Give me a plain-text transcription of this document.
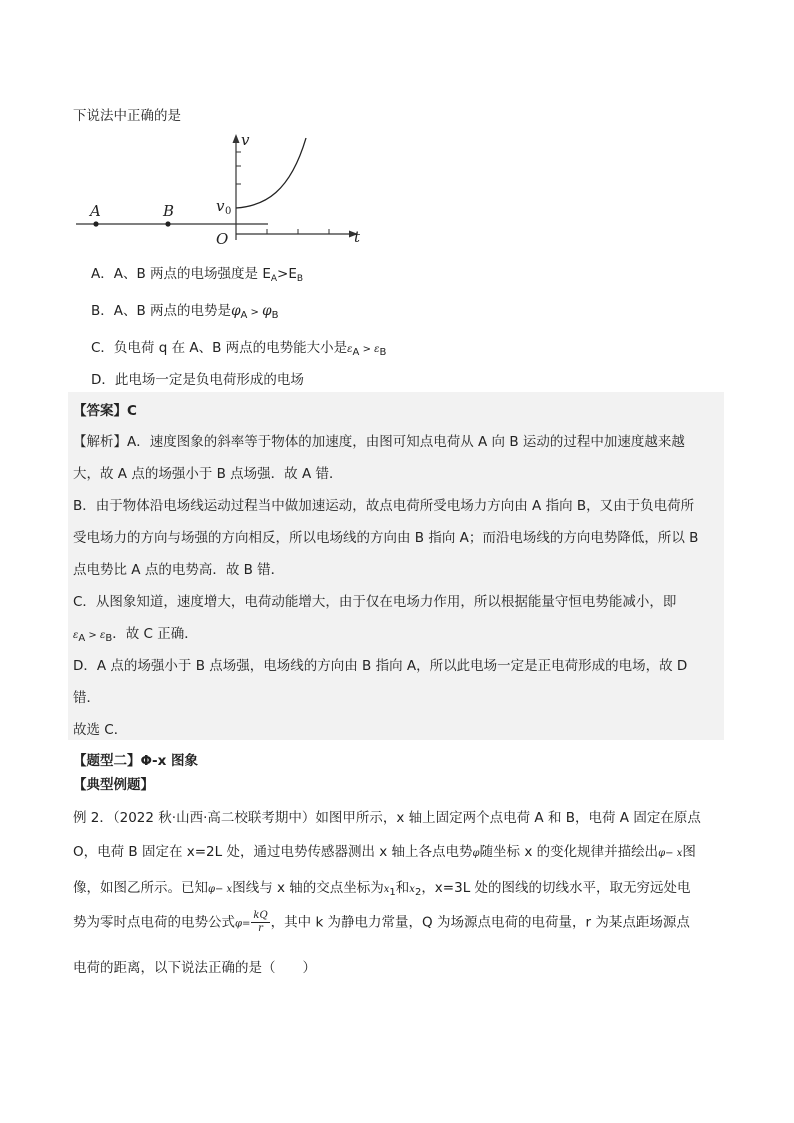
下说法中正确的是
A	B
v
t
O
v 0
A．A、B 两点的电场强度是 $E_A>E_B$
B．A、B 两点的电势是$\varphi_A > \varphi_B$
C．负电荷 q 在 A、B 两点的电势能大小是$\varepsilon_A > \varepsilon_B$
D．此电场一定是负电荷形成的电场
【答案】C
【解析】A．速度图象的斜率等于物体的加速度，由图可知点电荷从 A 向 B 运动的过程中加速度越来越
大，故 A 点的场强小于 B 点场强．故 A 错．
B．由于物体沿电场线运动过程当中做加速运动，故点电荷所受电场力方向由 A 指向 B，又由于负电荷所
受电场力的方向与场强的方向相反，所以电场线的方向由 B 指向 A；而沿电场线的方向电势降低，所以 B
点电势比 A 点的电势高．故 B 错．
C．从图象知道，速度增大，电荷动能增大，由于仅在电场力作用，所以根据能量守恒电势能减小，即
$\varepsilon_A > \varepsilon_B$．故 C 正确．
D．A 点的场强小于 B 点场强，电场线的方向由 B 指向 A，所以此电场一定是正电荷形成的电场，故 D
错．
故选 C．
【题型二】Φ-x 图象
【典型例题】
例 2．（2022 秋·山西·高二校联考期中）如图甲所示，x 轴上固定两个点电荷 A 和 B，电荷 A 固定在原点
O，电荷 B 固定在 x=2L 处，通过电势传感器测出 x 轴上各点电势φ随坐标 x 的变化规律并描绘出φ− x图
像，如图乙所示。已知φ− x图线与 x 轴的交点坐标为$x_1$和$x_2$，x=3L 处的图线的切线水平，取无穷远处电
势为零时点电荷的电势公式$\varphi= \frac{kQ}{r}$ ，其中 k 为静电力常量，Q 为场源点电荷的电荷量，r 为某点距场源点
电荷的距离，以下说法正确的是（　　）
